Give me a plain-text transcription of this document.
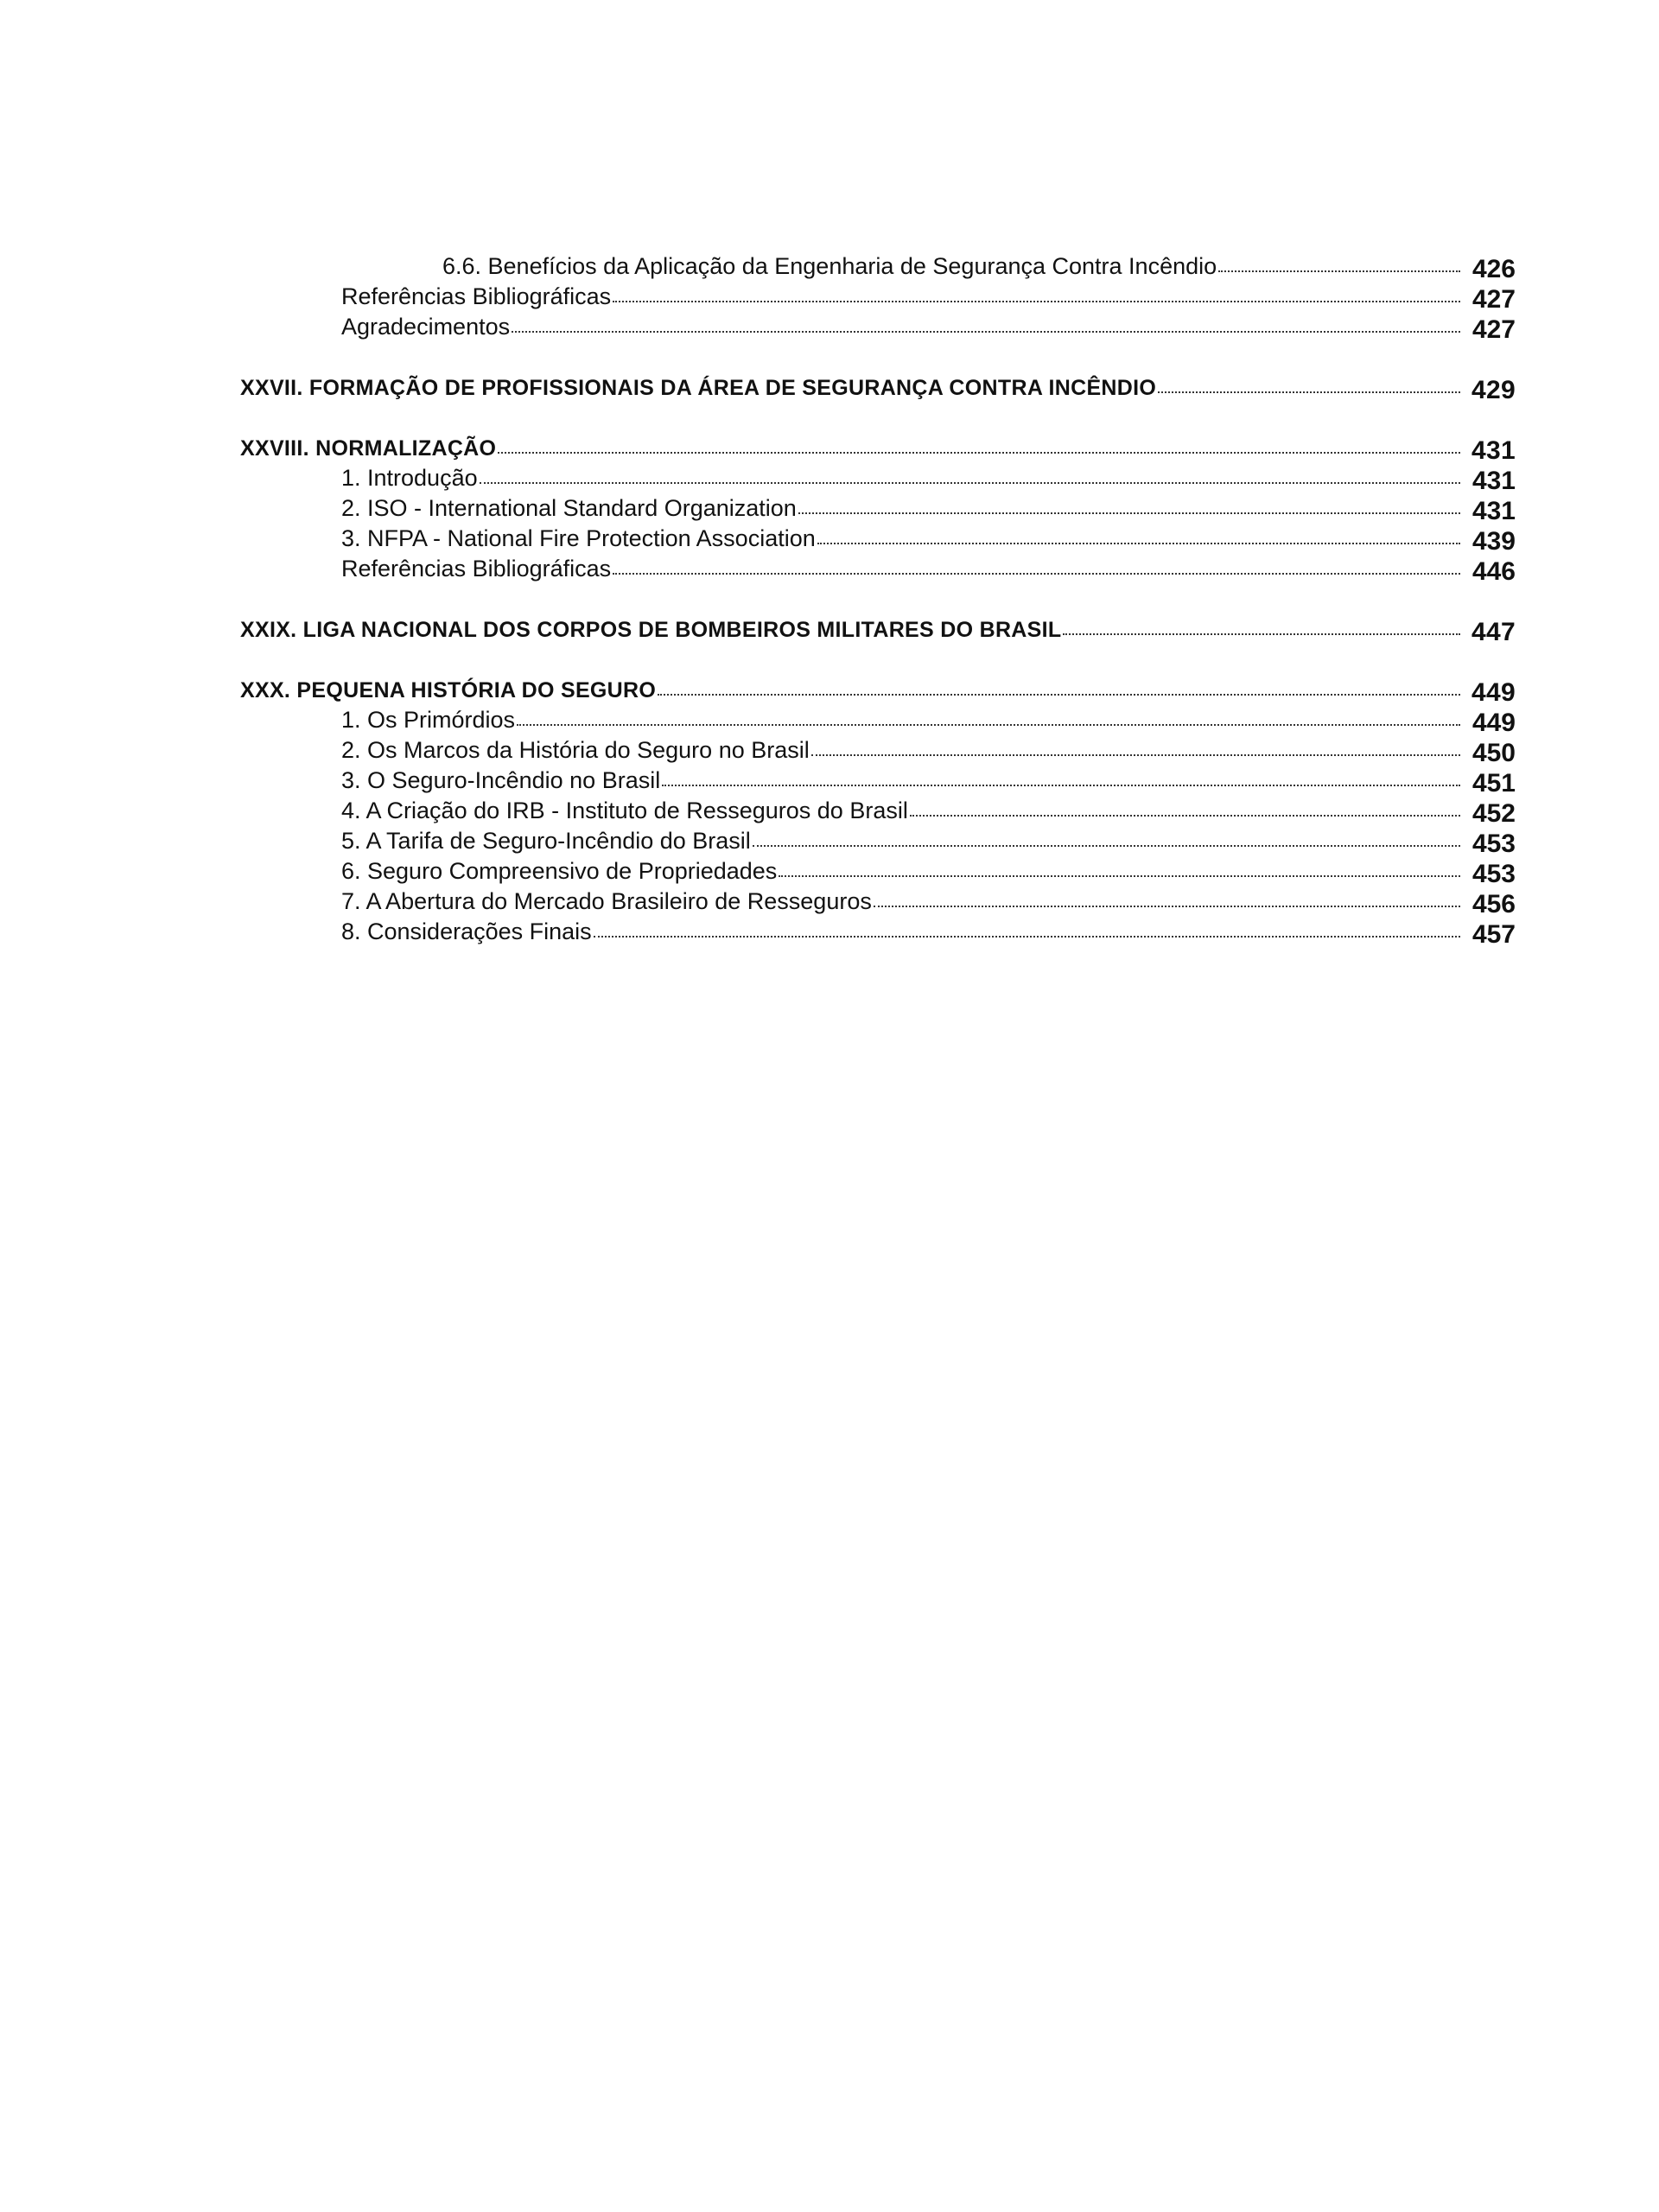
6.6. Benefícios da Aplicação da Engenharia de Segurança Contra Incêndio	426
Referências Bibliográficas	427
Agradecimentos	427
XXVII. FORMAÇÃO DE PROFISSIONAIS DA ÁREA DE SEGURANÇA CONTRA INCÊNDIO	429
XXVIII. NORMALIZAÇÃO	431
1. Introdução	431
2. ISO - International Standard Organization	431
3. NFPA - National Fire Protection Association	439
Referências Bibliográficas	446
XXIX. LIGA NACIONAL DOS CORPOS DE BOMBEIROS MILITARES DO BRASIL	447
XXX. PEQUENA HISTÓRIA DO SEGURO	449
1. Os Primórdios	449
2. Os Marcos da História do Seguro no Brasil	450
3. O Seguro-Incêndio no Brasil	451
4. A Criação do IRB - Instituto de Resseguros do Brasil	452
5. A Tarifa de Seguro-Incêndio do Brasil	453
6. Seguro Compreensivo de Propriedades	453
7. A Abertura do Mercado Brasileiro de Resseguros	456
8. Considerações Finais	457
